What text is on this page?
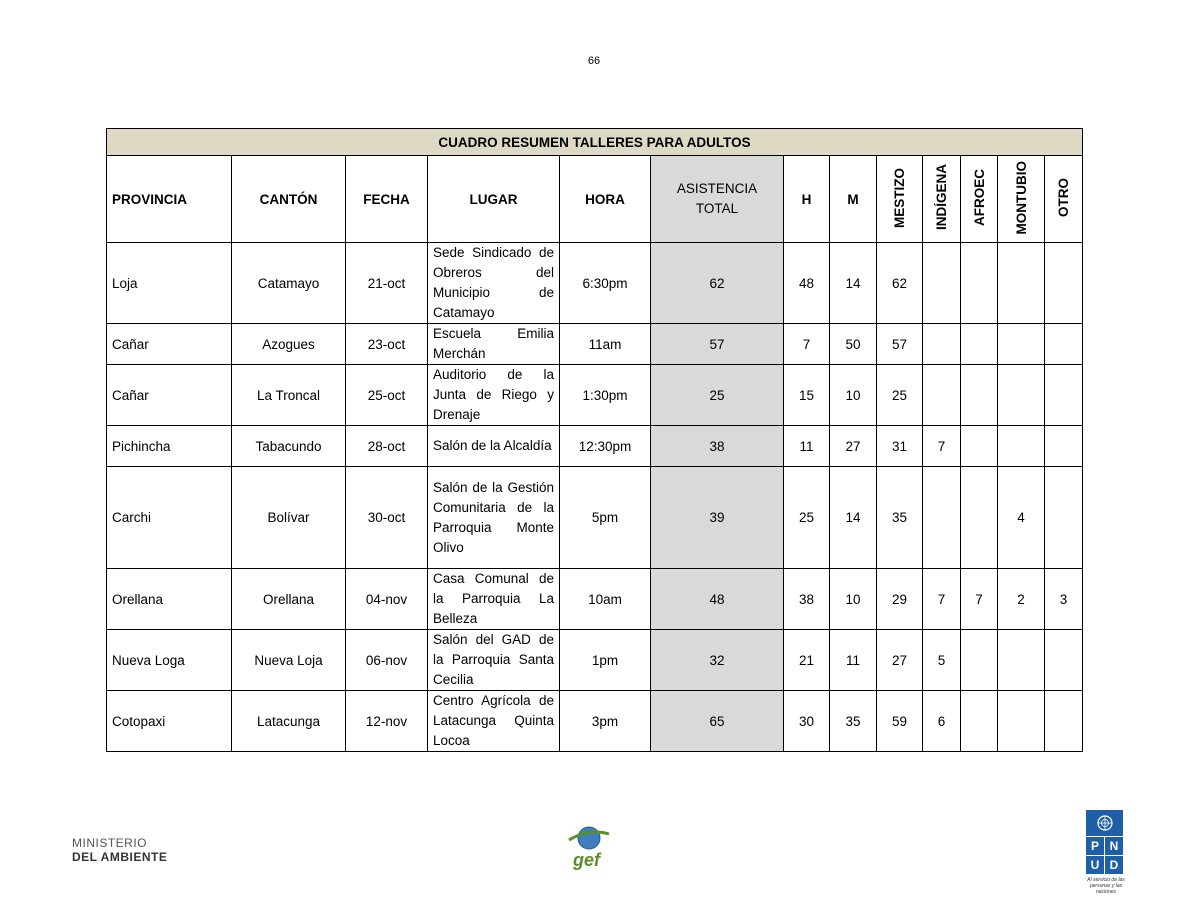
66
CUADRO RESUMEN TALLERES PARA ADULTOS												
PROVINCIA	CANTÓN	FECHA	LUGAR	HORA	ASISTENCIA TOTAL	H	M	MESTIZO	INDÍGENA	AFROEC	MONTUBIO	OTRO
Loja	Catamayo	21-oct	Sede Sindicado de Obreros del Municipio de Catamayo	6:30pm	62	48	14	62				
Cañar	Azogues	23-oct	Escuela Emilia Merchán	11am	57	7	50	57				
Cañar	La Troncal	25-oct	Auditorio de la Junta de Riego y Drenaje	1:30pm	25	15	10	25				
Pichincha	Tabacundo	28-oct	Salón de la Alcaldía	12:30pm	38	11	27	31	7			
Carchi	Bolívar	30-oct	Salón de la Gestión Comunitaria de la Parroquia Monte Olivo	5pm	39	25	14	35			4	
Orellana	Orellana	04-nov	Casa Comunal de la Parroquia La Belleza	10am	48	38	10	29	7	7	2	3
Nueva Loga	Nueva Loja	06-nov	Salón del GAD de la Parroquia Santa Cecilia	1pm	32	21	11	27	5			
Cotopaxi	Latacunga	12-nov	Centro Agrícola de Latacunga Quinta Locoa	3pm	65	30	35	59	6			
MINISTERIO
DEL AMBIENTE	gef
P N
U D
Al servicio de las personas y las naciones
